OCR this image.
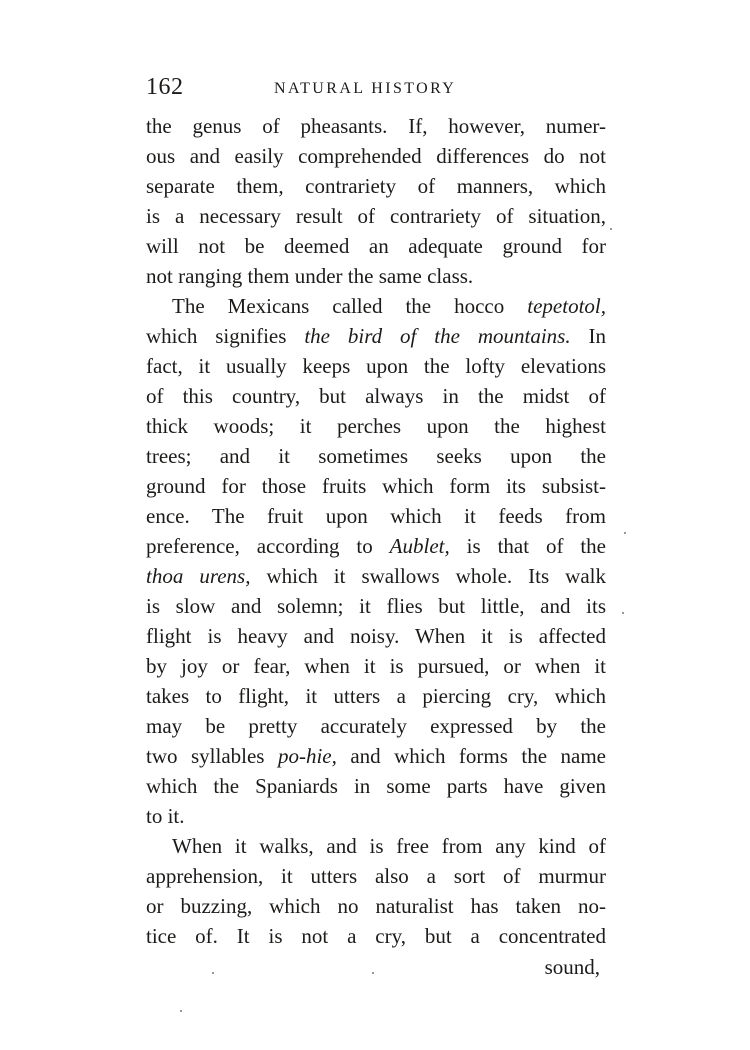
162	NATURAL HISTORY
the genus of pheasants. If, however, numer-
ous and easily comprehended differences do not
separate them, contrariety of manners, which
is a necessary result of contrariety of situation,
will not be deemed an adequate ground for
not ranging them under the same class.
The Mexicans called the hocco tepetotol,
which signifies the bird of the mountains. In
fact, it usually keeps upon the lofty elevations
of this country, but always in the midst of
thick woods; it perches upon the highest
trees; and it sometimes seeks upon the
ground for those fruits which form its subsist-
ence. The fruit upon which it feeds from
preference, according to Aublet, is that of the
thoa urens, which it swallows whole. Its walk
is slow and solemn; it flies but little, and its
flight is heavy and noisy. When it is affected
by joy or fear, when it is pursued, or when it
takes to flight, it utters a piercing cry, which
may be pretty accurately expressed by the
two syllables po-hie, and which forms the name
which the Spaniards in some parts have given
to it.
When it walks, and is free from any kind of
apprehension, it utters also a sort of murmur
or buzzing, which no naturalist has taken no-
tice of. It is not a cry, but a concentrated
sound,
